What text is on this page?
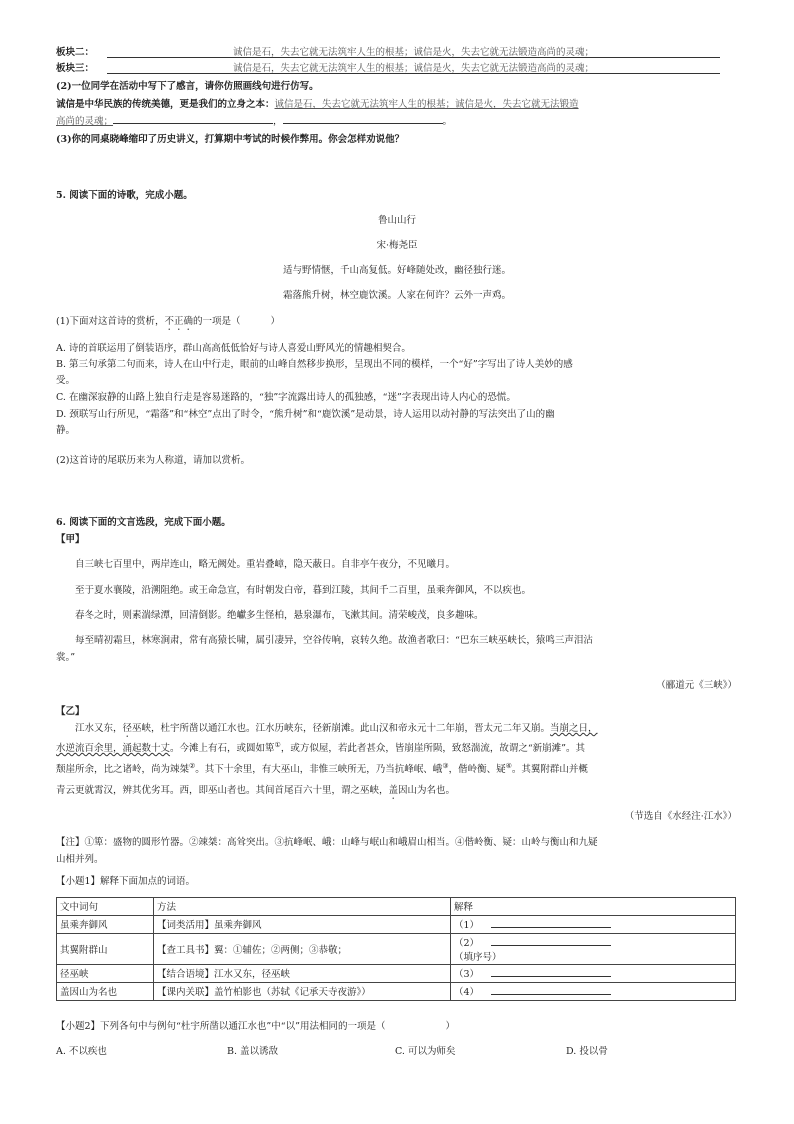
板块二：	诚信是石，失去它就无法筑牢人生的根基；诚信是火，失去它就无法锻造高尚的灵魂；
板块三：	诚信是石，失去它就无法筑牢人生的根基；诚信是火，失去它就无法锻造高尚的灵魂；
(2)一位同学在活动中写下了感言，请你仿照画线句进行仿写。
诚信是中华民族的传统美德，更是我们的立身之本：诚信是石，失去它就无法筑牢人生的根基；诚信是火，失去它就无法锻造
高尚的灵魂；	，	。
(3)你的同桌晓峰缩印了历史讲义，打算期中考试的时候作弊用。你会怎样劝说他？
5. 阅读下面的诗歌，完成小题。
鲁山山行
宋·梅尧臣
适与野情惬，千山高复低。好峰随处改，幽径独行迷。
霜落熊升树，林空鹿饮溪。人家在何许？云外一声鸡。
(1)下面对这首诗的赏析，不正确的一项是（	）
A. 诗的首联运用了倒装语序，群山高高低低恰好与诗人喜爱山野风光的情趣相契合。
B. 第三句承第二句而来，诗人在山中行走，眼前的山峰自然移步换形，呈现出不同的模样，一个“好”字写出了诗人美妙的感
受。
C. 在幽深寂静的山路上独自行走是容易迷路的，“独”字流露出诗人的孤独感，“迷”字表现出诗人内心的恐慌。
D. 颈联写山行所见，“霜落”和“林空”点出了时令，“熊升树”和“鹿饮溪”是动景，诗人运用以动衬静的写法突出了山的幽
静。
(2)这首诗的尾联历来为人称道，请加以赏析。
6. 阅读下面的文言选段，完成下面小题。
【甲】
自三峡七百里中，两岸连山，略无阙处。重岩叠嶂，隐天蔽日。自非亭午夜分，不见曦月。
至于夏水襄陵，沿溯阻绝。或王命急宣，有时朝发白帝，暮到江陵，其间千二百里，虽乘奔御风，不以疾也。
春冬之时，则素湍绿潭，回清倒影。绝巘多生怪柏，悬泉瀑布，飞漱其间。清荣峻茂，良多趣味。
每至晴初霜旦，林寒涧肃，常有高猿长啸，属引凄异，空谷传响，哀转久绝。故渔者歌曰：“巴东三峡巫峡长，猿鸣三声泪沾
裳。”
（郦道元《三峡》）
【乙】
江水又东，径巫峡，杜宇所凿以通江水也。江水历峡东，径新崩滩。此山汉和帝永元十二年崩，晋太元二年又崩。当崩之日，
水逆流百余里，涌起数十丈。今滩上有石，或圆如箄①，或方似屋，若此者甚众，皆崩崖所陨，致怒湍流，故谓之“新崩滩”。其
颓崖所余，比之诸岭，尚为竦桀②。其下十余里，有大巫山，非惟三峡所无，乃当抗峰岷、峨③，偕岭衡、疑④。其翼附群山并概
青云更就霄汉，辨其优劣耳。西，即巫山者也。其间首尾百六十里，谓之巫峡，盖因山为名也。
（节选自《水经注·江水》）
【注】①箄：盛物的圆形竹器。②竦桀：高耸突出。③抗峰岷、峨：山峰与岷山和峨眉山相当。④偕岭衡、疑：山岭与衡山和九疑
山相并列。
【小题1】解释下面加点的词语。
文中词句	方法	解释
虽乘奔御风	【词类活用】虽乘奔御风	（1）
其翼附群山	【查工具书】翼：①辅佐；②两侧；③恭敬；	（2）
（填序号）
径巫峡	【结合语境】江水又东，径巫峡	（3）
盖因山为名也	【课内关联】盖竹柏影也（苏轼《记承天寺夜游》）	（4）
【小题2】下列各句中与例句“杜宇所凿以通江水也”中“以”用法相同的一项是（	）
A. 不以疾也	B. 盖以诱敌	C. 可以为师矣	D. 投以骨
